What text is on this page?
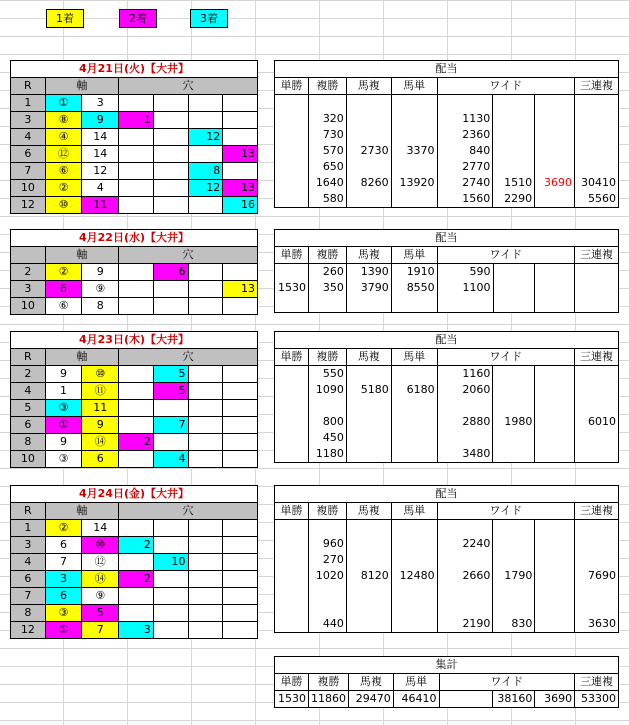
1着	2着	3着
4月21日(火)【大井】						
R	軸		穴			
1	①	3				
3	⑧	9	1			
4	④	14			12	
6	⑫	14				13
7	⑥	12			8	
10	②	4			12	13
12	⑩	11				16
配当							
単勝	複勝	馬複	馬単	ワイド			三連複

	320			1130			
	730			2360			
	570	2730	3370	840			
	650			2770			
	1640	8260	13920	2740	1510	3690	30410
	580			1560	2290		5560
4月22日(水)【大井】						
	軸		穴			
2	②	9		6		
3	6	⑨				13
10	⑥	8				
配当							
単勝	複勝	馬複	馬単	ワイド			三連複
	260	1390	1910	590			
1530	350	3790	8550	1100			

4月23日(木)【大井】						
R	軸		穴			
2	9	⑩		5		
4	1	⑪		5		
5	③	11				
6	①	9		7		
8	9	⑭	2			
10	③	6		4		
配当							
単勝	複勝	馬複	馬単	ワイド			三連複
	550			1160			
	1090	5180	6180	2060			

	800			2880	1980		6010
	450						
	1180			3480			
4月24日(金)【大井】						
R	軸		穴			
1	②	14				
3	6	⑩	2			
4	7	⑫		10		
6	3	⑭	2			
7	6	⑨				
8	③	5				
12	①	7	3			
配当							
単勝	複勝	馬複	馬単	ワイド			三連複

	960			2240			
	270						
	1020	8120	12480	2660	1790		7690

	440			2190	830		3630
集計							
単勝	複勝	馬複	馬単	ワイド			三連複
1530	11860	29470	46410		38160	3690	53300
